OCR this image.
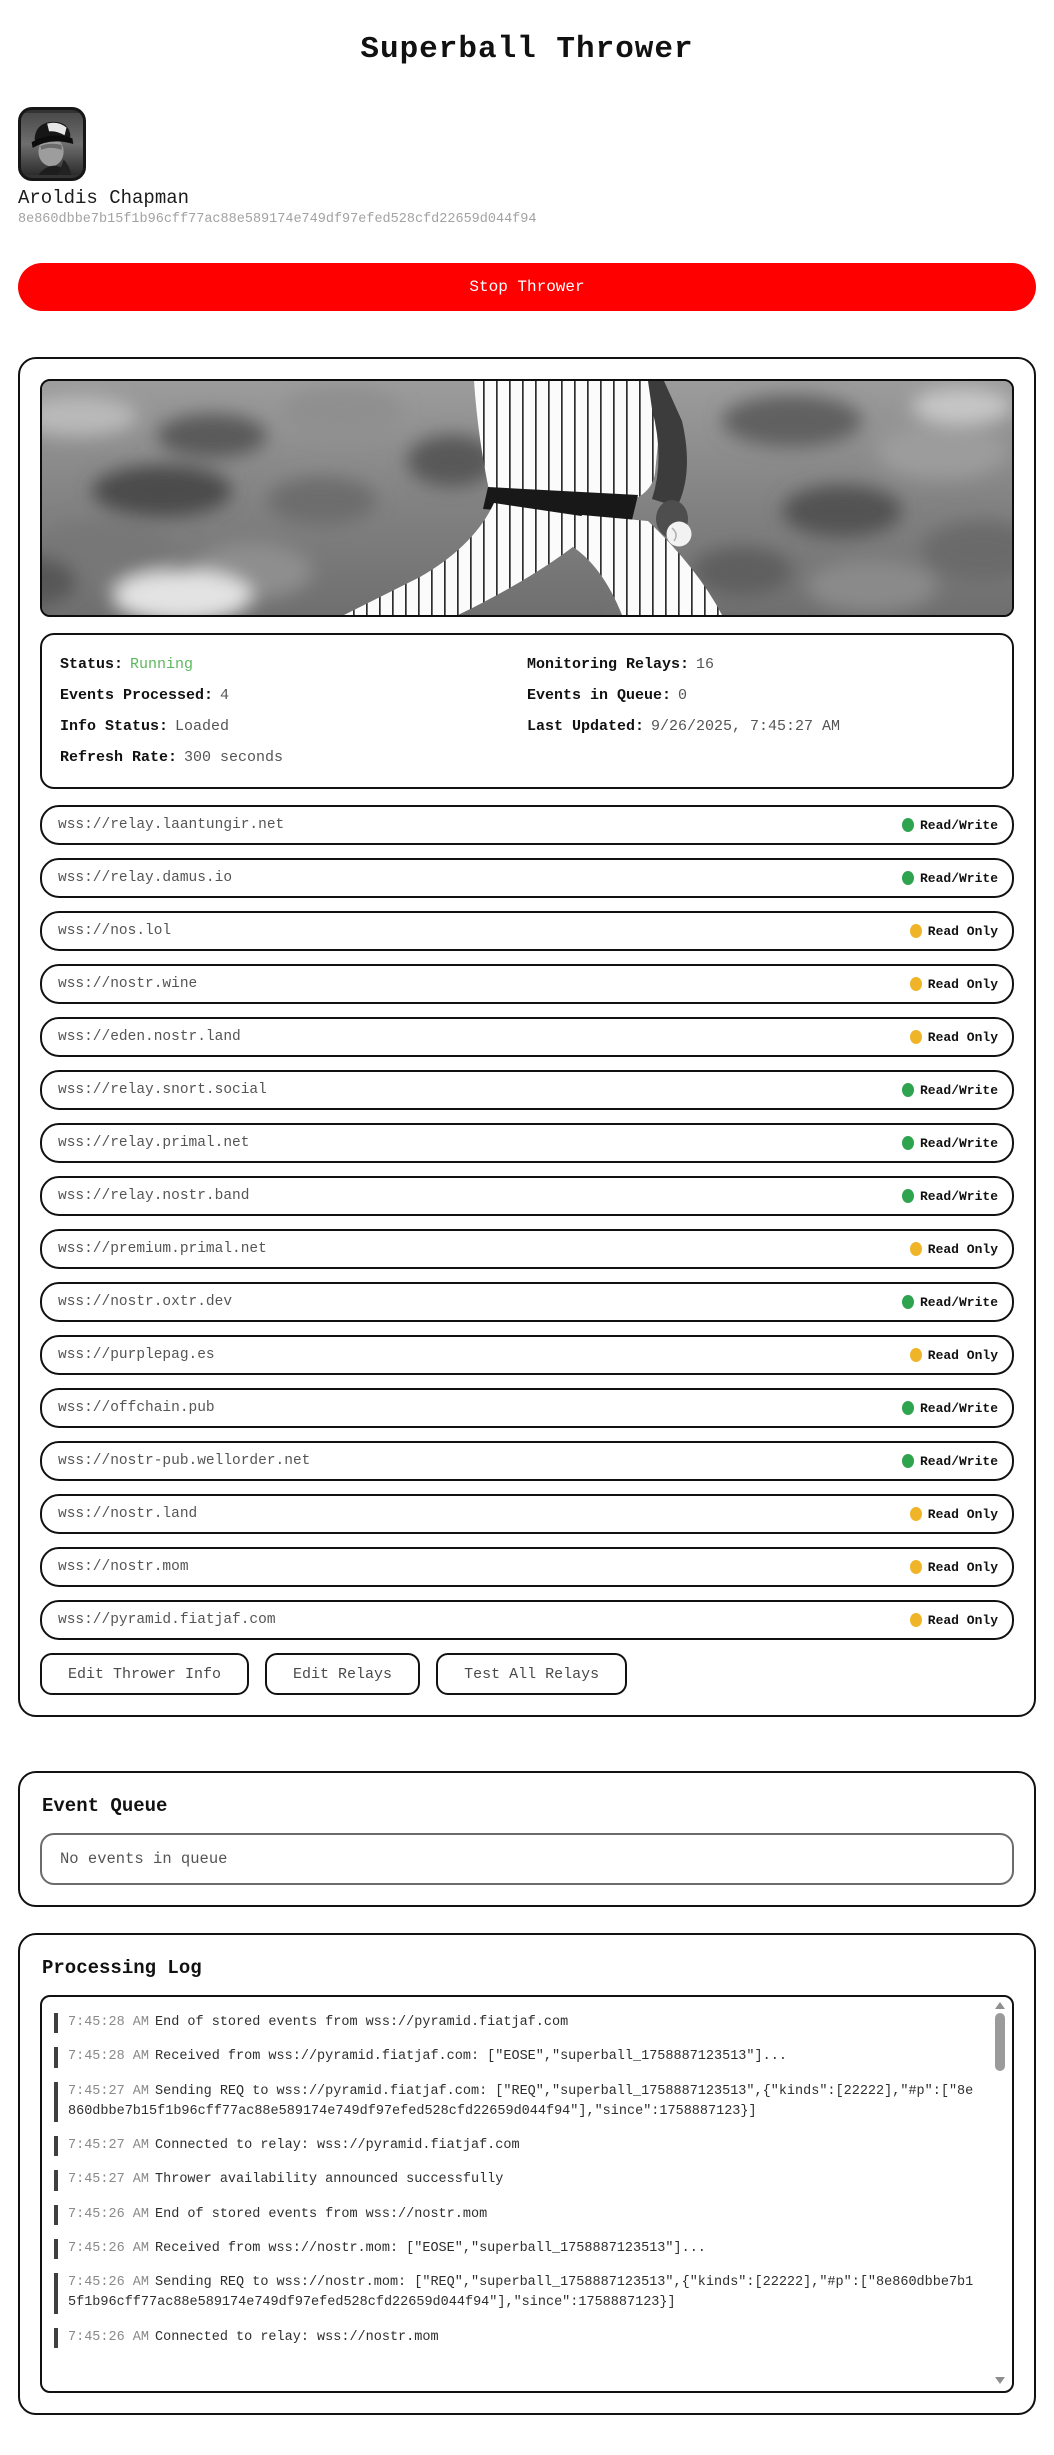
Superball Thrower
Aroldis Chapman
8e860dbbe7b15f1b96cff77ac88e589174e749df97efed528cfd22659d044f94
Stop Thrower
Status: Running	Monitoring Relays: 16
Events Processed: 4	Events in Queue: 0
Info Status: Loaded	Last Updated: 9/26/2025, 7:45:27 AM
Refresh Rate: 300 seconds
wss://relay.laantungir.net	Read/Write
wss://relay.damus.io	Read/Write
wss://nos.lol	Read Only
wss://nostr.wine	Read Only
wss://eden.nostr.land	Read Only
wss://relay.snort.social	Read/Write
wss://relay.primal.net	Read/Write
wss://relay.nostr.band	Read/Write
wss://premium.primal.net	Read Only
wss://nostr.oxtr.dev	Read/Write
wss://purplepag.es	Read Only
wss://offchain.pub	Read/Write
wss://nostr-pub.wellorder.net	Read/Write
wss://nostr.land	Read Only
wss://nostr.mom	Read Only
wss://pyramid.fiatjaf.com	Read Only
Edit Thrower Info	Edit Relays	Test All Relays
Event Queue
No events in queue
Processing Log
7:45:28 AM End of stored events from wss://pyramid.fiatjaf.com
7:45:28 AM Received from wss://pyramid.fiatjaf.com: ["EOSE","superball_1758887123513"]...
7:45:27 AM Sending REQ to wss://pyramid.fiatjaf.com: ["REQ","superball_1758887123513",{"kinds":[22222],"#p":["8e860dbbe7b15f1b96cff77ac88e589174e749df97efed528cfd22659d044f94"],"since":1758887123}]
7:45:27 AM Connected to relay: wss://pyramid.fiatjaf.com
7:45:27 AM Thrower availability announced successfully
7:45:26 AM End of stored events from wss://nostr.mom
7:45:26 AM Received from wss://nostr.mom: ["EOSE","superball_1758887123513"]...
7:45:26 AM Sending REQ to wss://nostr.mom: ["REQ","superball_1758887123513",{"kinds":[22222],"#p":["8e860dbbe7b15f1b96cff77ac88e589174e749df97efed528cfd22659d044f94"],"since":1758887123}]
7:45:26 AM Connected to relay: wss://nostr.mom
